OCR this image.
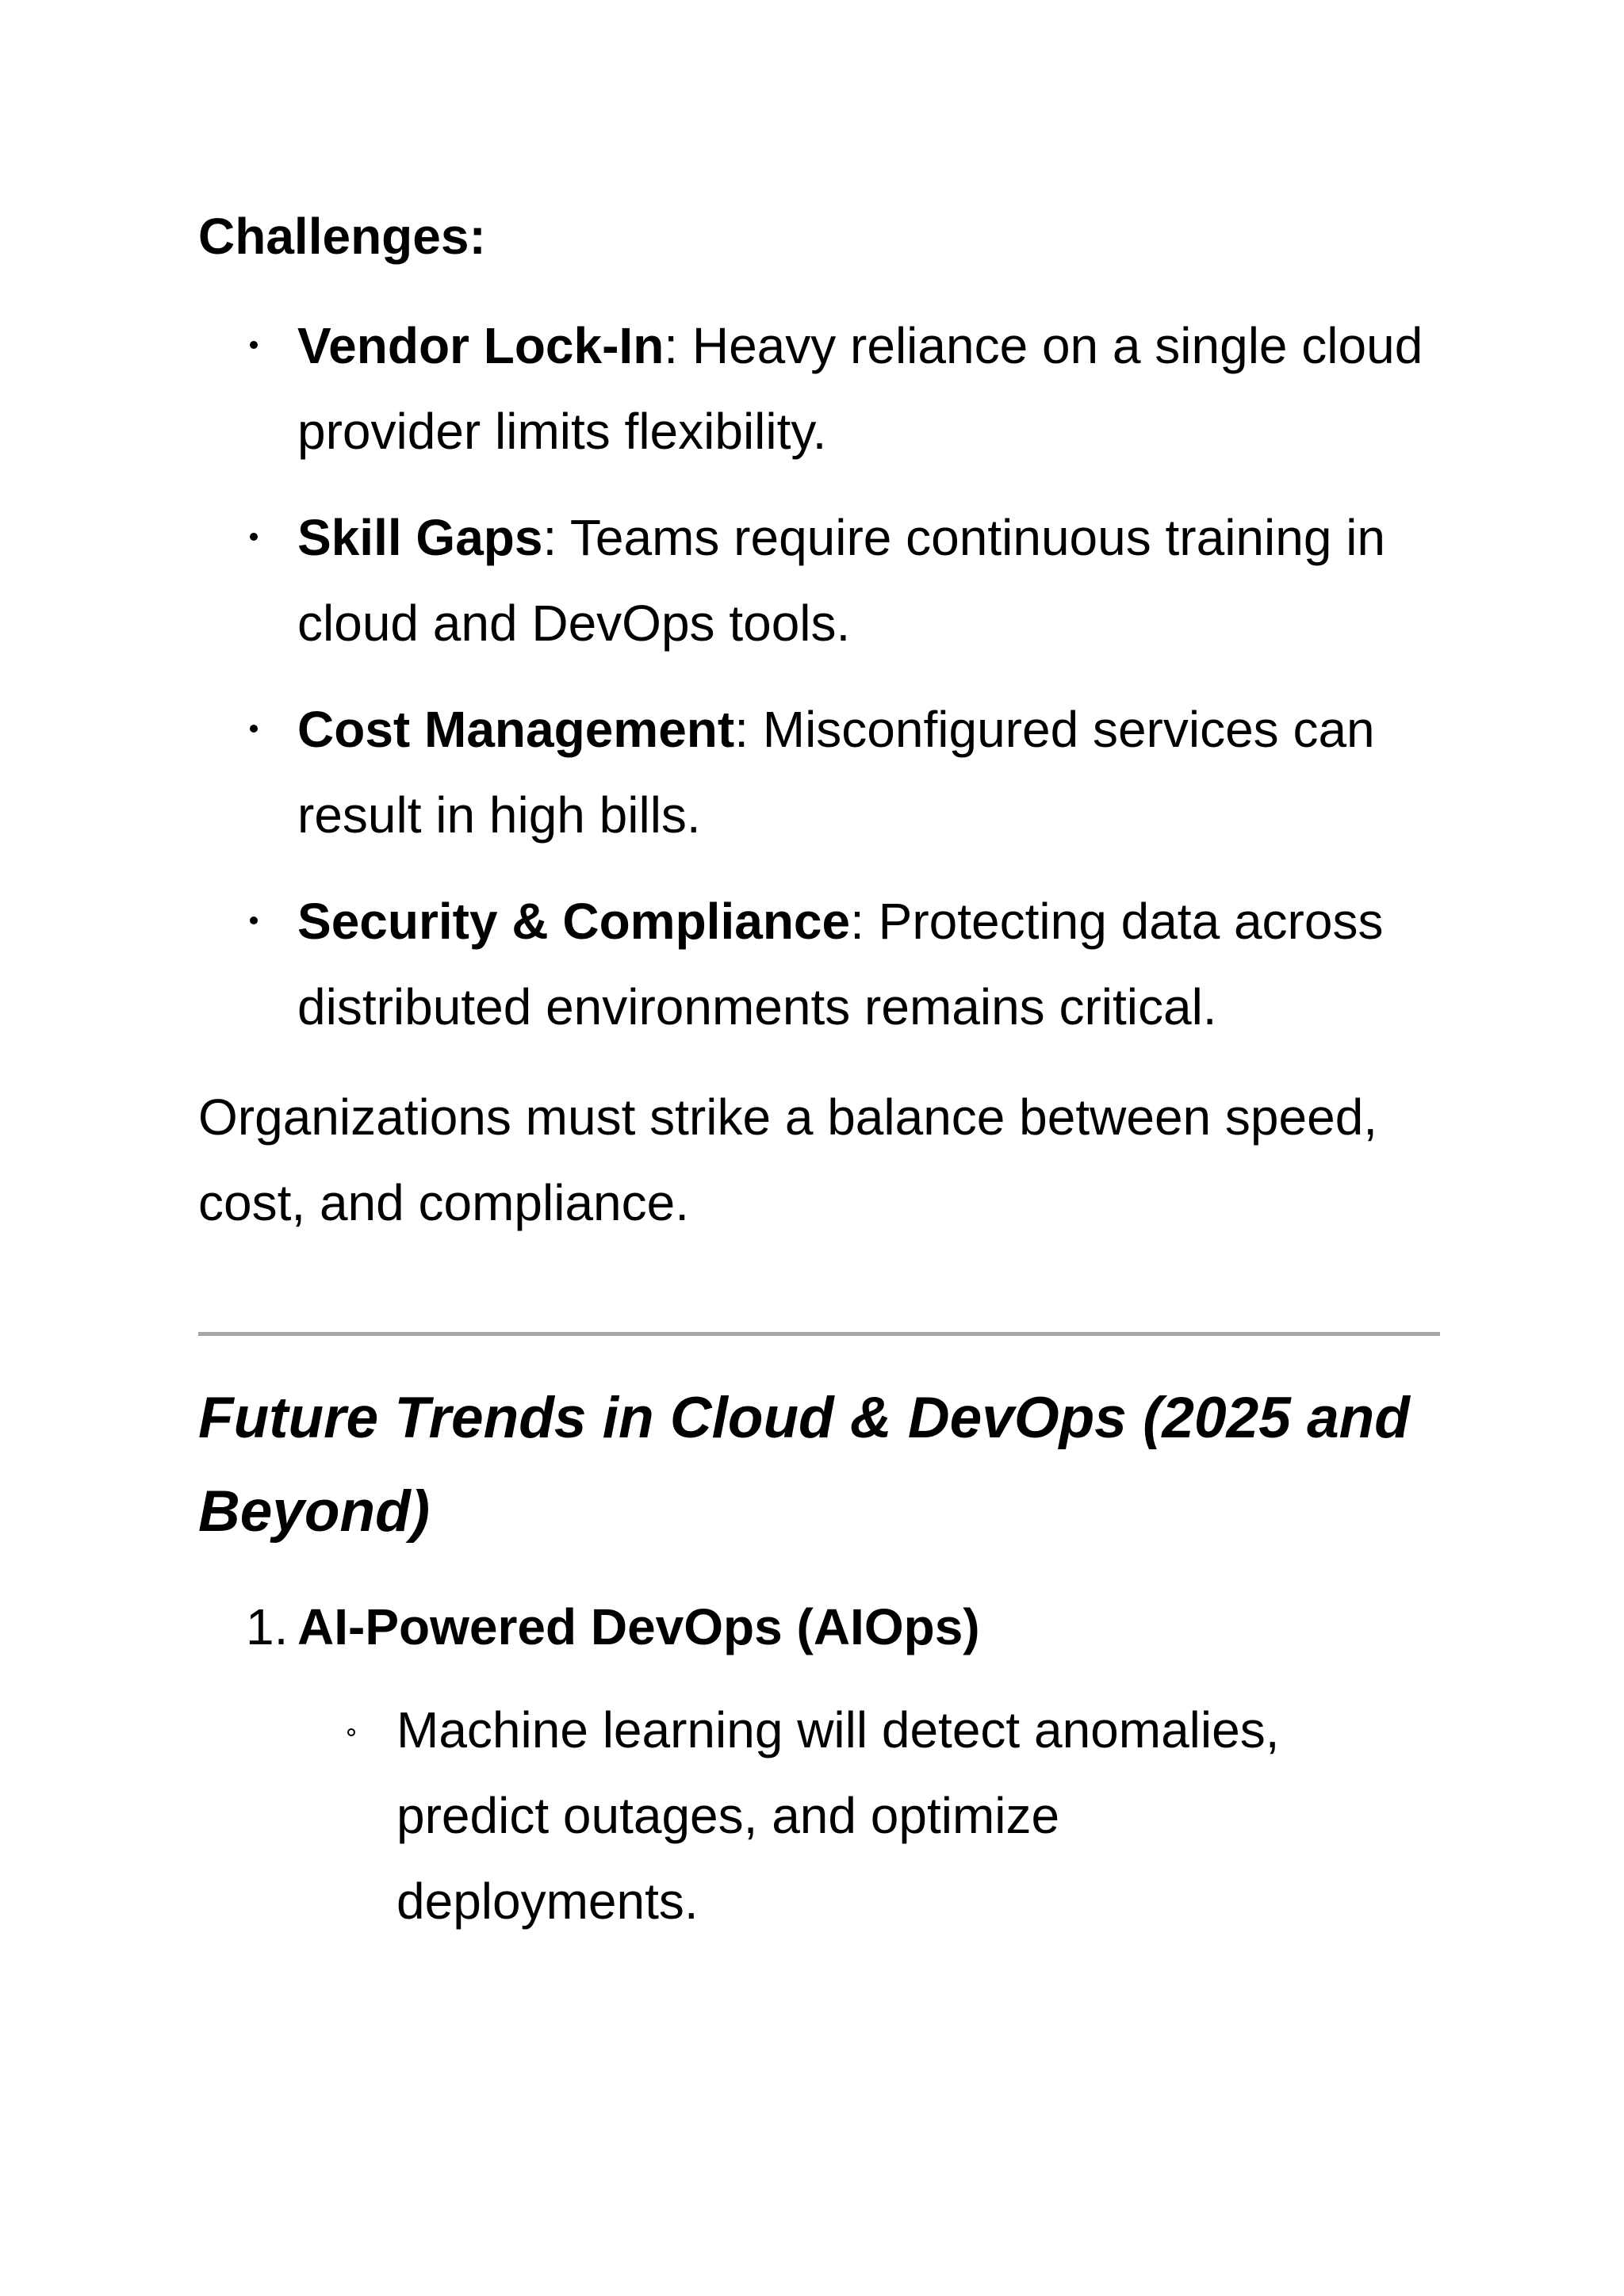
Challenges:
Vendor Lock-In: Heavy reliance on a single cloud provider limits flexibility.
Skill Gaps: Teams require continuous training in cloud and DevOps tools.
Cost Management: Misconfigured services can result in high bills.
Security & Compliance: Protecting data across distributed environments remains critical.

Organizations must strike a balance between speed, cost, and compliance.

Future Trends in Cloud & DevOps (2025 and Beyond)
1. AI-Powered DevOps (AIOps)
Machine learning will detect anomalies, predict outages, and optimize deployments.
